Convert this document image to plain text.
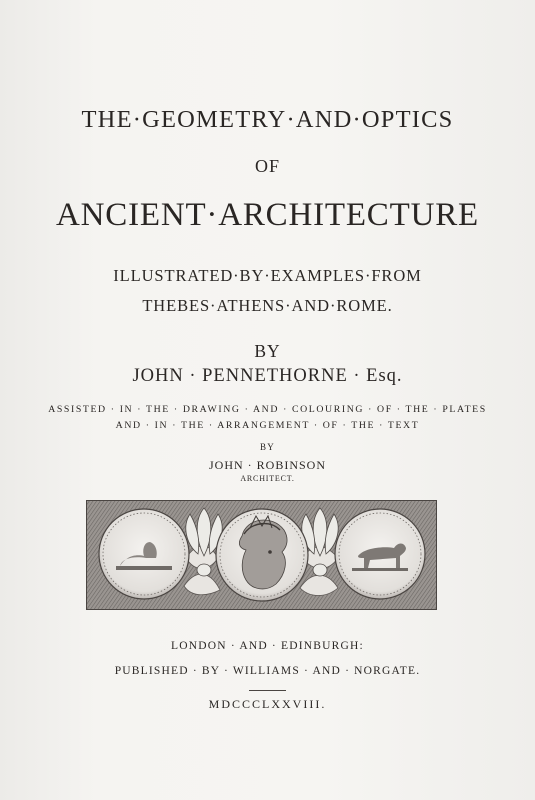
THE·GEOMETRY·AND·OPTICS
OF
ANCIENT·ARCHITECTURE
ILLUSTRATED·BY·EXAMPLES·FROM
THEBES·ATHENS·AND·ROME.
BY
JOHN · PENNETHORNE · Esq.
ASSISTED · IN · THE · DRAWING · AND · COLOURING · OF · THE · PLATES
AND · IN · THE · ARRANGEMENT · OF · THE · TEXT
BY
JOHN · ROBINSON
ARCHITECT.
LONDON · AND · EDINBURGH:
PUBLISHED · BY · WILLIAMS · AND · NORGATE.
MDCCCLXXVIII.
